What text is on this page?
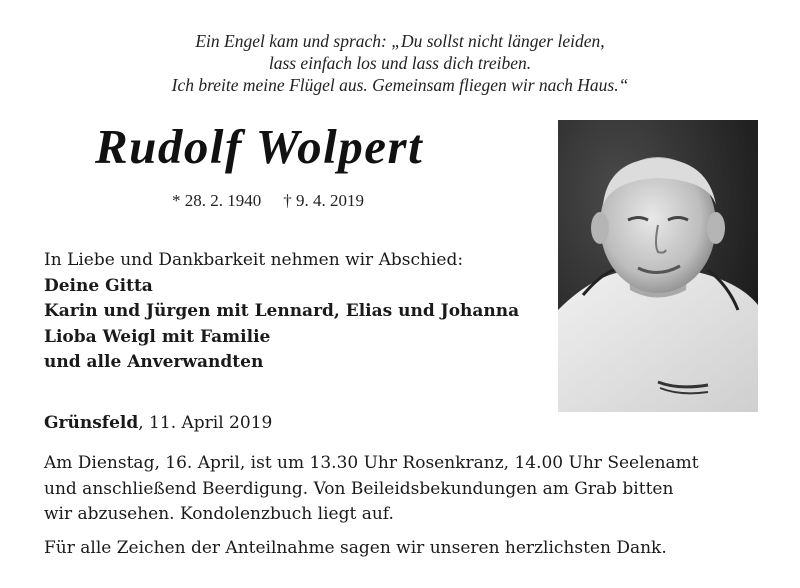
Ein Engel kam und sprach: „Du sollst nicht länger leiden,
lass einfach los und lass dich treiben.
Ich breite meine Flügel aus. Gemeinsam fliegen wir nach Haus.“
Rudolf Wolpert
* 28. 2. 1940 † 9. 4. 2019
In Liebe und Dankbarkeit nehmen wir Abschied:
Deine Gitta
Karin und Jürgen mit Lennard, Elias und Johanna
Lioba Weigl mit Familie
und alle Anverwandten
Grünsfeld, 11. April 2019
Am Dienstag, 16. April, ist um 13.30 Uhr Rosenkranz, 14.00 Uhr Seelenamt
und anschließend Beerdigung. Von Beileidsbekundungen am Grab bitten
wir abzusehen. Kondolenzbuch liegt auf.
Für alle Zeichen der Anteilnahme sagen wir unseren herzlichsten Dank.
